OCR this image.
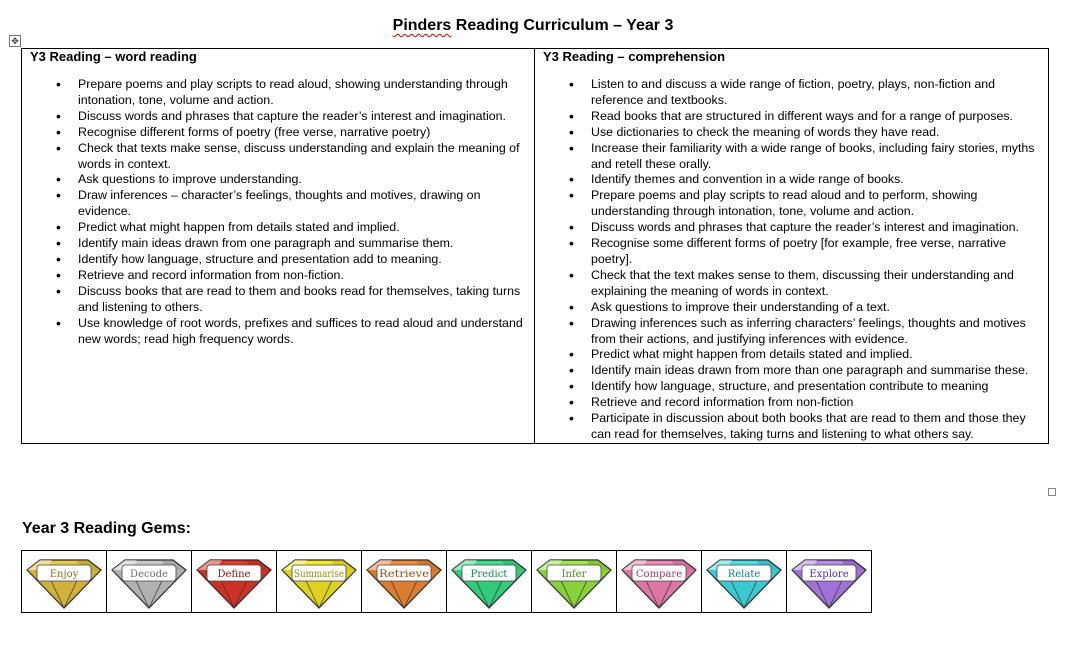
Pinders Reading Curriculum – Year 3
✥
Y3 Reading – word reading
• Prepare poems and play scripts to read aloud, showing understanding through intonation, tone, volume and action.
• Discuss words and phrases that capture the reader’s interest and imagination.
• Recognise different forms of poetry (free verse, narrative poetry)
• Check that texts make sense, discuss understanding and explain the meaning of words in context.
• Ask questions to improve understanding.
• Draw inferences – character’s feelings, thoughts and motives, drawing on evidence.
• Predict what might happen from details stated and implied.
• Identify main ideas drawn from one paragraph and summarise them.
• Identify how language, structure and presentation add to meaning.
• Retrieve and record information from non-fiction.
• Discuss books that are read to them and books read for themselves, taking turns and listening to others.
• Use knowledge of root words, prefixes and suffices to read aloud and understand new words; read high frequency words.

Y3 Reading – comprehension
• Listen to and discuss a wide range of fiction, poetry, plays, non-fiction and reference and textbooks.
• Read books that are structured in different ways and for a range of purposes.
• Use dictionaries to check the meaning of words they have read.
• Increase their familiarity with a wide range of books, including fairy stories, myths and retell these orally.
• Identify themes and convention in a wide range of books.
• Prepare poems and play scripts to read aloud and to perform, showing understanding through intonation, tone, volume and action.
• Discuss words and phrases that capture the reader’s interest and imagination.
• Recognise some different forms of poetry [for example, free verse, narrative poetry].
• Check that the text makes sense to them, discussing their understanding and explaining the meaning of words in context.
• Ask questions to improve their understanding of a text.
• Drawing inferences such as inferring characters’ feelings, thoughts and motives from their actions, and justifying inferences with evidence.
• Predict what might happen from details stated and implied.
• Identify main ideas drawn from more than one paragraph and summarise these.
• Identify how language, structure, and presentation contribute to meaning
• Retrieve and record information from non-fiction
• Participate in discussion about both books that are read to them and those they can read for themselves, taking turns and listening to what others say.
Year 3 Reading Gems:
Enjoy	Decode	Define	Summarise	Retrieve	Predict	Infer	Compare	Relate	Explore
